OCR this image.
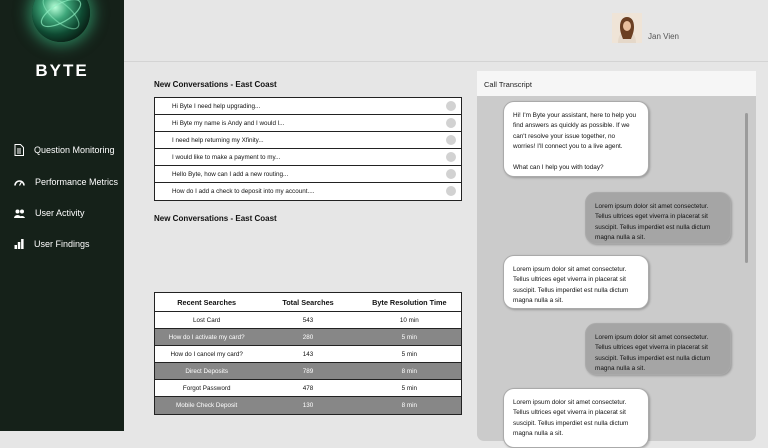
BYTE
Question Monitoring
Performance Metrics
User Activity
User Findings
Jan Vien
New Conversations - East Coast
Hi Byte I need help upgrading...
Hi Byte my name is Andy and I would l...
I need help returning my Xfinity...
I would like to make a payment to my...
Hello Byte, how can I add a new routing...
How do I add a check to deposit into my account....
New Conversations - East Coast
Recent Searches	Total Searches	Byte Resolution Time
Lost Card	543	10 min
How do I activate my card?	280	5 min
How do I cancel my card?	143	5 min
Direct Deposits	789	8 min
Forgot Password	478	5 min
Mobile Check Deposit	130	8 min
Call Transcript
Hi! I'm Byte your assistant, here to help you find answers as quickly as possible. If we can't resolve your issue together, no worries! I'll connect you to a live agent.
What can I help you with today?
Lorem ipsum dolor sit amet consectetur. Tellus ultrices eget viverra in placerat sit suscipit. Tellus imperdiet est nulla dictum magna nulla a sit.
Lorem ipsum dolor sit amet consectetur. Tellus ultrices eget viverra in placerat sit suscipit. Tellus imperdiet est nulla dictum magna nulla a sit.
Lorem ipsum dolor sit amet consectetur. Tellus ultrices eget viverra in placerat sit suscipit. Tellus imperdiet est nulla dictum magna nulla a sit.
Lorem ipsum dolor sit amet consectetur. Tellus ultrices eget viverra in placerat sit suscipit. Tellus imperdiet est nulla dictum magna nulla a sit.
